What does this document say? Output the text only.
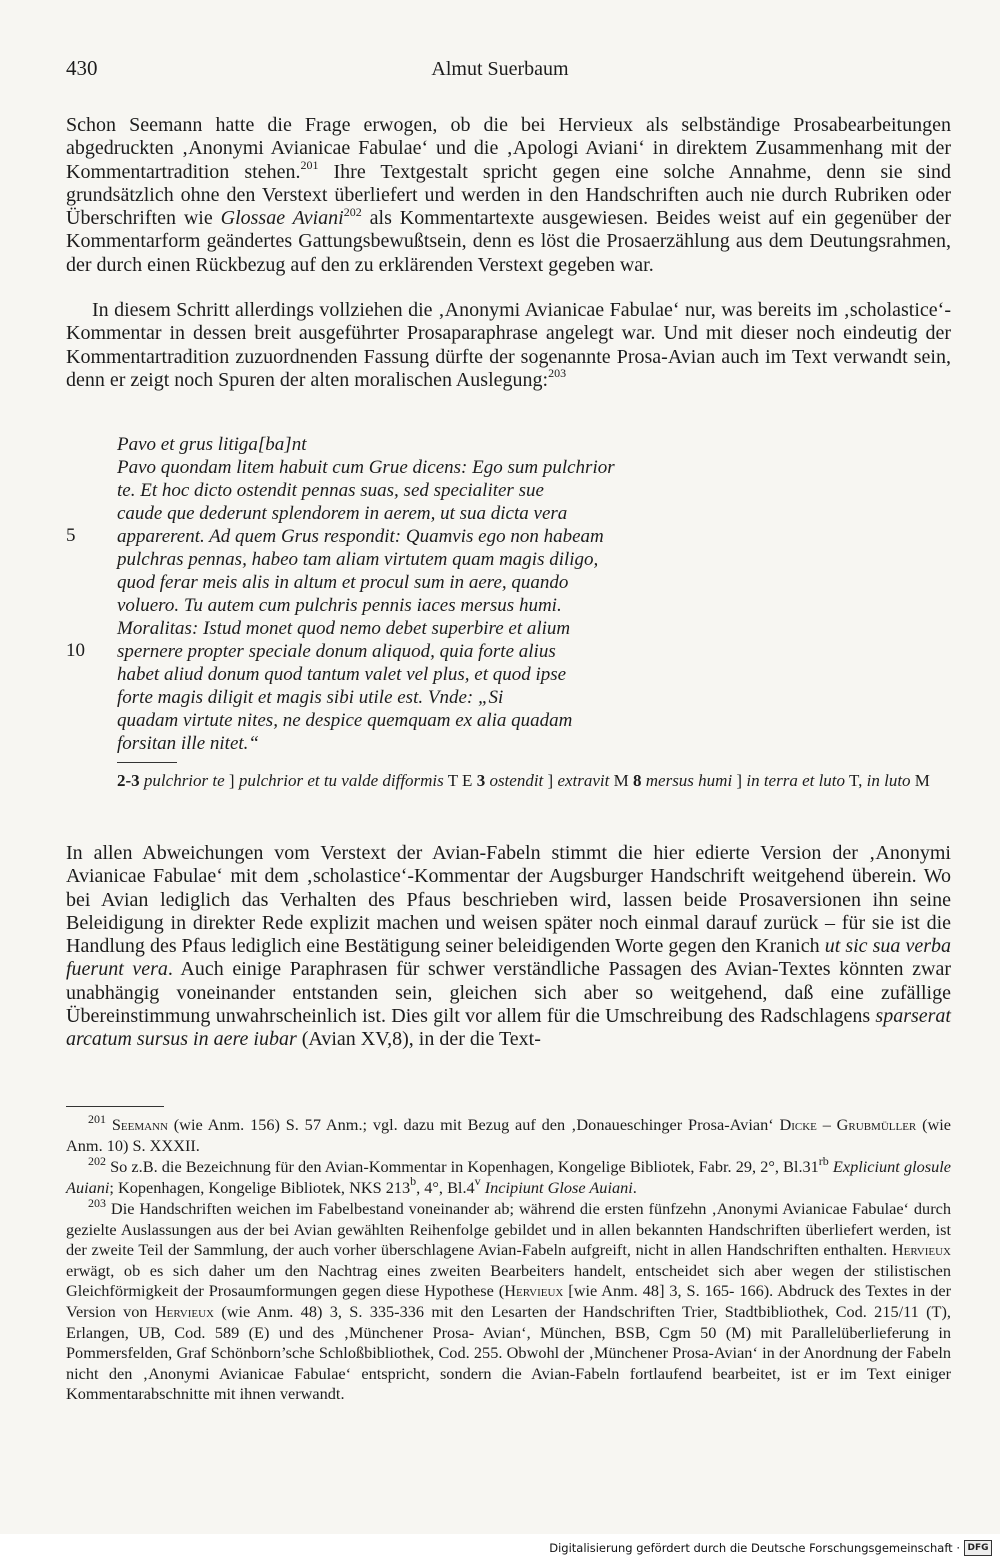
430	Almut Suerbaum

Schon Seemann hatte die Frage erwogen, ob die bei Hervieux als selbständige Prosabearbeitungen abgedruckten ‚Anonymi Avianicae Fabulae‘ und die ‚Apologi Aviani‘ in direktem Zusammenhang mit der Kommentartradition stehen.$^{201}$ Ihre Textgestalt spricht gegen eine solche Annahme, denn sie sind grundsätzlich ohne den Verstext überliefert und werden in den Handschriften auch nie durch Rubriken oder Überschriften wie Glossae Aviani$^{202}$ als Kommentartexte ausgewiesen. Beides weist auf ein gegenüber der Kommentarform geändertes Gattungsbewußtsein, denn es löst die Prosaerzählung aus dem Deutungsrahmen, der durch einen Rückbezug auf den zu erklärenden Verstext gegeben war.

In diesem Schritt allerdings vollziehen die ‚Anonymi Avianicae Fabulae‘ nur, was bereits im ‚scholastice‘-Kommentar in dessen breit ausgeführter Prosaparaphrase angelegt war. Und mit dieser noch eindeutig der Kommentartradition zuzuordnenden Fassung dürfte der sogenannte Prosa-Avian auch im Text verwandt sein, denn er zeigt noch Spuren der alten moralischen Auslegung:$^{203}$

Pavo et grus litiga[ba]nt
Pavo quondam litem habuit cum Grue dicens: Ego sum pulchrior
te. Et hoc dicto ostendit pennas suas, sed specialiter sue
caude que dederunt splendorem in aerem, ut sua dicta vera
apparerent. Ad quem Grus respondit: Quamvis ego non habeam
pulchras pennas, habeo tam aliam virtutem quam magis diligo,
quod ferar meis alis in altum et procul sum in aere, quando
voluero. Tu autem cum pulchris pennis iaces mersus humi.
Moralitas: Istud monet quod nemo debet superbire et alium
spernere propter speciale donum aliquod, quia forte alius
habet aliud donum quod tantum valet vel plus, et quod ipse
forte magis diligit et magis sibi utile est. Vnde: „Si
quadam virtute nites, ne despice quemquam ex alia quadam
forsitan ille nitet.“
5
10

2-3 pulchrior te ] pulchrior et tu valde difformis T E 3 ostendit ] extravit M 8 mersus humi ] in terra et luto T, in luto M

In allen Abweichungen vom Verstext der Avian-Fabeln stimmt die hier edierte Version der ‚Anonymi Avianicae Fabulae‘ mit dem ‚scholastice‘-Kommentar der Augsburger Handschrift weitgehend überein. Wo bei Avian lediglich das Verhalten des Pfaus beschrieben wird, lassen beide Prosaversionen ihn seine Beleidigung in direkter Rede explizit machen und weisen später noch einmal darauf zurück – für sie ist die Handlung des Pfaus lediglich eine Bestätigung seiner beleidigenden Worte gegen den Kranich ut sic sua verba fuerunt vera. Auch einige Paraphrasen für schwer verständliche Passagen des Avian-Textes könnten zwar unabhängig voneinander entstanden sein, gleichen sich aber so weitgehend, daß eine zufällige Übereinstimmung unwahrscheinlich ist. Dies gilt vor allem für die Umschreibung des Radschlagens sparserat arcatum sursus in aere iubar (Avian XV,8), in der die Text-

$^{201}$ Seemann (wie Anm. 156) S. 57 Anm.; vgl. dazu mit Bezug auf den ‚Donaueschinger Prosa-Avian‘ Dicke – Grubmüller (wie Anm. 10) S. XXXII.

$^{202}$ So z.B. die Bezeichnung für den Avian-Kommentar in Kopenhagen, Kongelige Bibliotek, Fabr. 29, 2°, $Bl.31^{rb}$ Expliciunt glosule Auiani; Kopenhagen, Kongelige Bibliotek, NKS 213$^b$, 4°, Bl.4$^v$ Incipiunt Glose Auiani.

$^{203}$ Die Handschriften weichen im Fabelbestand voneinander ab; während die ersten fünfzehn ‚Anonymi Avianicae Fabulae‘ durch gezielte Auslassungen aus der bei Avian gewählten Reihenfolge gebildet und in allen bekannten Handschriften überliefert werden, ist der zweite Teil der Sammlung, der auch vorher überschlagene Avian-Fabeln aufgreift, nicht in allen Handschriften enthalten. Hervieux erwägt, ob es sich daher um den Nachtrag eines zweiten Bearbeiters handelt, entscheidet sich aber wegen der stilistischen Gleichförmigkeit der Prosaumformungen gegen diese Hypothese (Hervieux [wie Anm. 48] 3, S. 165- 166). Abdruck des Textes in der Version von Hervieux (wie Anm. 48) 3, S. 335-336 mit den Lesarten der Handschriften Trier, Stadtbibliothek, Cod. 215/11 (T), Erlangen, UB, Cod. 589 (E) und des ‚Münchener Prosa- Avian‘, München, BSB, Cgm 50 (M) mit Parallelüberlieferung in Pommersfelden, Graf Schönborn’sche Schloßbibliothek, Cod. 255. Obwohl der ‚Münchener Prosa-Avian‘ in der Anordnung der Fabeln nicht den ‚Anonymi Avianicae Fabulae‘ entspricht, sondern die Avian-Fabeln fortlaufend bearbeitet, ist er im Text einiger Kommentarabschnitte mit ihnen verwandt.

Digitalisierung gefördert durch die Deutsche Forschungsgemeinschaft · DFG
